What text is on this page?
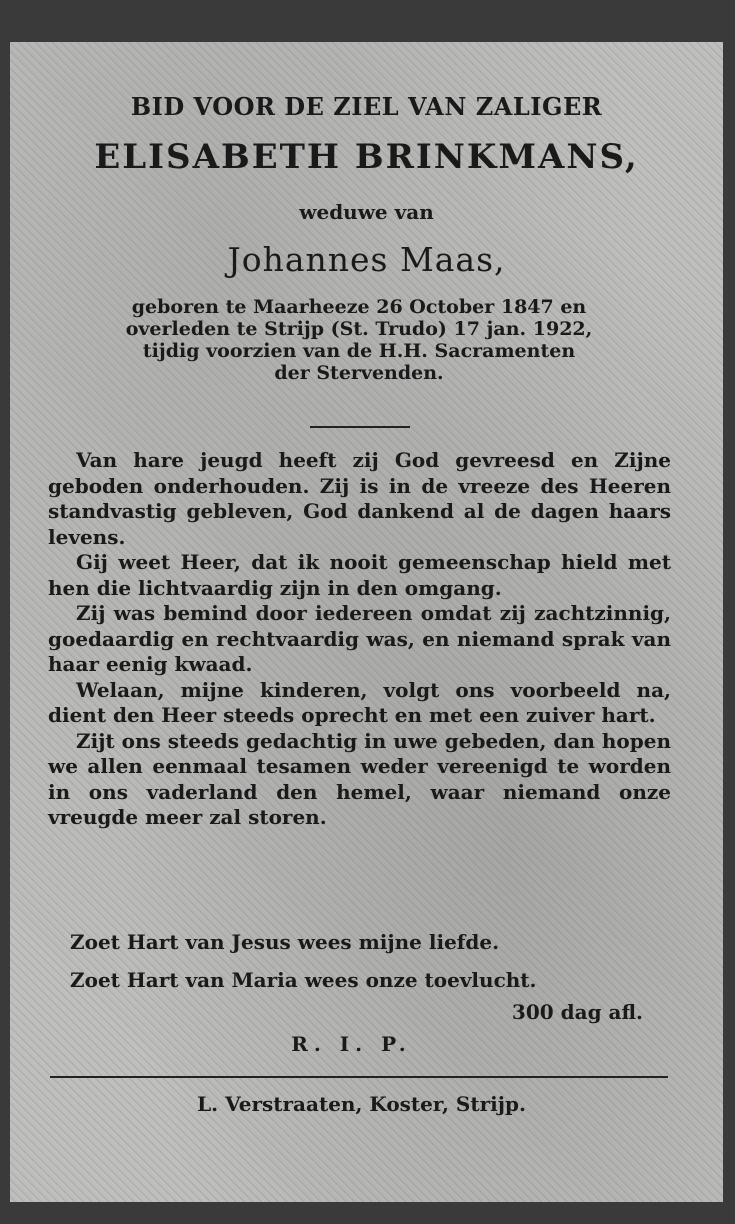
BID VOOR DE ZIEL VAN ZALIGER
ELISABETH BRINKMANS,
weduwe van
Johannes Maas,

geboren te Maarheeze 26 October 1847 en

overleden te Strijp (St. Trudo) 17 jan. 1922,

tijdig voorzien van de H.H. Sacramenten

der Stervenden.

Van hare jeugd heeft zij God gevreesd en Zijne geboden onderhouden. Zij is in de vreeze des Heeren standvastig gebleven, God dankend al de dagen haars levens.

Gij weet Heer, dat ik nooit gemeenschap hield met hen die lichtvaardig zijn in den omgang.

Zij was bemind door iedereen omdat zij zachtzinnig, goedaardig en rechtvaardig was, en niemand sprak van haar eenig kwaad.

Welaan, mijne kinderen, volgt ons voorbeeld na, dient den Heer steeds oprecht en met een zuiver hart.

Zijt ons steeds gedachtig in uwe gebeden, dan hopen we allen eenmaal tesamen weder vereenigd te worden in ons vaderland den hemel, waar niemand onze vreugde meer zal storen.

Zoet Hart van Jesus wees mijne liefde.

Zoet Hart van Maria wees onze toevlucht.

300 dag afl.
R. I. P.
L. Verstraaten, Koster, Strijp.
